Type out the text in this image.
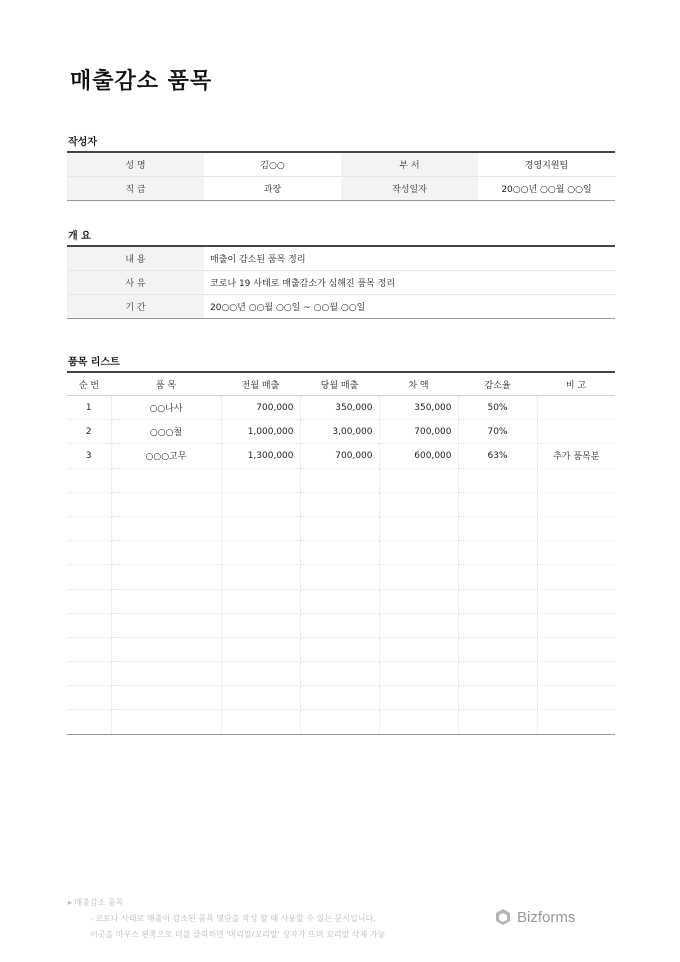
매출감소 품목
작성자
성 명	김○○	부 서	경영지원팀
직 급	과장	작성일자	20○○년 ○○월 ○○일
개 요
내 용	매출이 감소된 품목 정리
사 유	코로나 19 사태로 매출감소가 심해진 품목 정리
기 간	20○○년 ○○월 ○○일 ~ ○○월 ○○일
품목 리스트
순 번	품 목	전월 매출	당월 매출	차 액	감소율	비 고
1	○○나사	700,000	350,000	350,000	50%	
2	○○○철	1,000,000	3,00,000	700,000	70%	
3	○○○고무	1,300,000	700,000	600,000	63%	추가 품목분

▸ 매출감소 품목
- 코로나 사태로 매출이 감소된 품목 명단을 작성 할 때 사용할 수 있는 문서입니다.
이곳을 마우스 왼쪽으로 더블 클릭하면 '머리말/꼬리말' 상자가 뜨며 꼬리말 삭제 가능
Bizforms
